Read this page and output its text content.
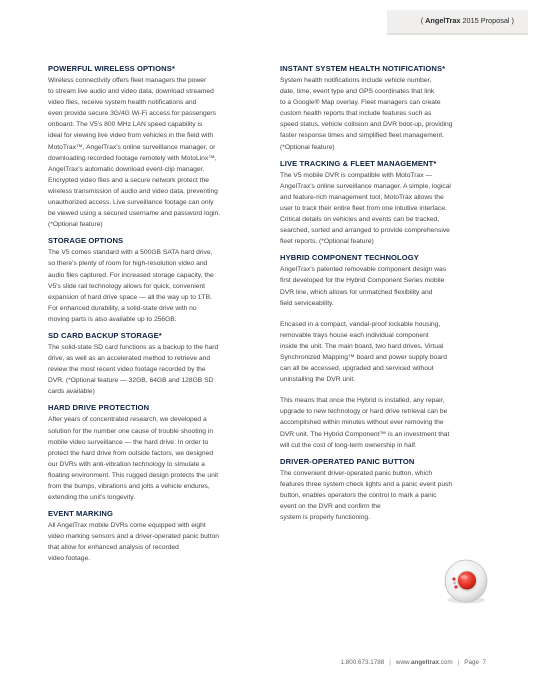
( AngelTrax 2015 Proposal )
POWERFUL WIRELESS OPTIONS*

Wireless connectivity offers fleet managers the power
to stream live audio and video data, download streamed
video files, receive system health notifications and
even provide secure 3G/4G Wi-Fi access for passengers
onboard. The V5's 800 MHz LAN speed capability is
ideal for viewing live video from vehicles in the field with
MotoTrax™, AngelTrax's online surveillance manager, or
downloading recorded footage remotely with MotoLinx™,
AngelTrax's automatic download event-clip manager.
Encrypted video files and a secure network protect the
wireless transmission of audio and video data, preventing
unauthorized access. Live surveillance footage can only
be viewed using a secured username and password login.
(*Optional feature)

STORAGE OPTIONS

The V5 comes standard with a 500GB SATA hard drive,
so there's plenty of room for high-resolution video and
audio files captured. For increased storage capacity, the
V5's slide rail technology allows for quick, convenient
expansion of hard drive space — all the way up to 1TB.
For enhanced durability, a solid-state drive with no
moving parts is also available up to 256GB.

SD CARD BACKUP STORAGE*

The solid-state SD card functions as a backup to the hard
drive, as well as an accelerated method to retrieve and
review the most recent video footage recorded by the
DVR. (*Optional feature — 32GB, 64GB and 128GB SD
cards available)

HARD DRIVE PROTECTION

After years of concentrated research, we developed a
solution for the number one cause of trouble shooting in
mobile video surveillance — the hard drive. In order to
protect the hard drive from outside factors, we designed
our DVRs with anti-vibration technology to simulate a
floating environment. This rugged design protects the unit
from the bumps, vibrations and jolts a vehicle endures,
extending the unit's longevity.

EVENT MARKING

All AngelTrax mobile DVRs come equipped with eight
video marking sensors and a driver-operated panic button
that allow for enhanced analysis of recorded
video footage.

INSTANT SYSTEM HEALTH NOTIFICATIONS*

System health notifications include vehicle number,
date, time, event type and GPS coordinates that link
to a Google® Map overlay. Fleet managers can create
custom health reports that include features such as
speed status, vehicle collision and DVR boot-up, providing
faster response times and simplified fleet management.
(*Optional feature)

LIVE TRACKING & FLEET MANAGEMENT*

The V5 mobile DVR is compatible with MotoTrax —
AngelTrax's online surveillance manager. A simple, logical
and feature-rich management tool, MotoTrax allows the
user to track their entire fleet from one intuitive interface.
Critical details on vehicles and events can be tracked,
searched, sorted and arranged to provide comprehensive
fleet reports. (*Optional feature)

HYBRID COMPONENT TECHNOLOGY

AngelTrax's patented removable component design was
first developed for the Hybrid Component Series mobile
DVR line, which allows for unmatched flexibility and
field serviceability.

Encased in a compact, vandal-proof lockable housing,
removable trays house each individual component
inside the unit. The main board, two hard drives, Virtual
Synchronized Mapping™ board and power supply board
can all be accessed, upgraded and serviced without
uninstalling the DVR unit.

This means that once the Hybrid is installed, any repair,
upgrade to new technology or hard drive retrieval can be
accomplished within minutes without ever removing the
DVR unit. The Hybrid Component™ is an investment that
will cut the cost of long-term ownership in half.

DRIVER-OPERATED PANIC BUTTON

The convenient driver-operated panic button, which
features three system check lights and a panic event push
button, enables operators the control to mark a panic
event on the DVR and confirm the
system is properly functioning.

1.800.673.1788 | www.angeltrax.com | Page 7
